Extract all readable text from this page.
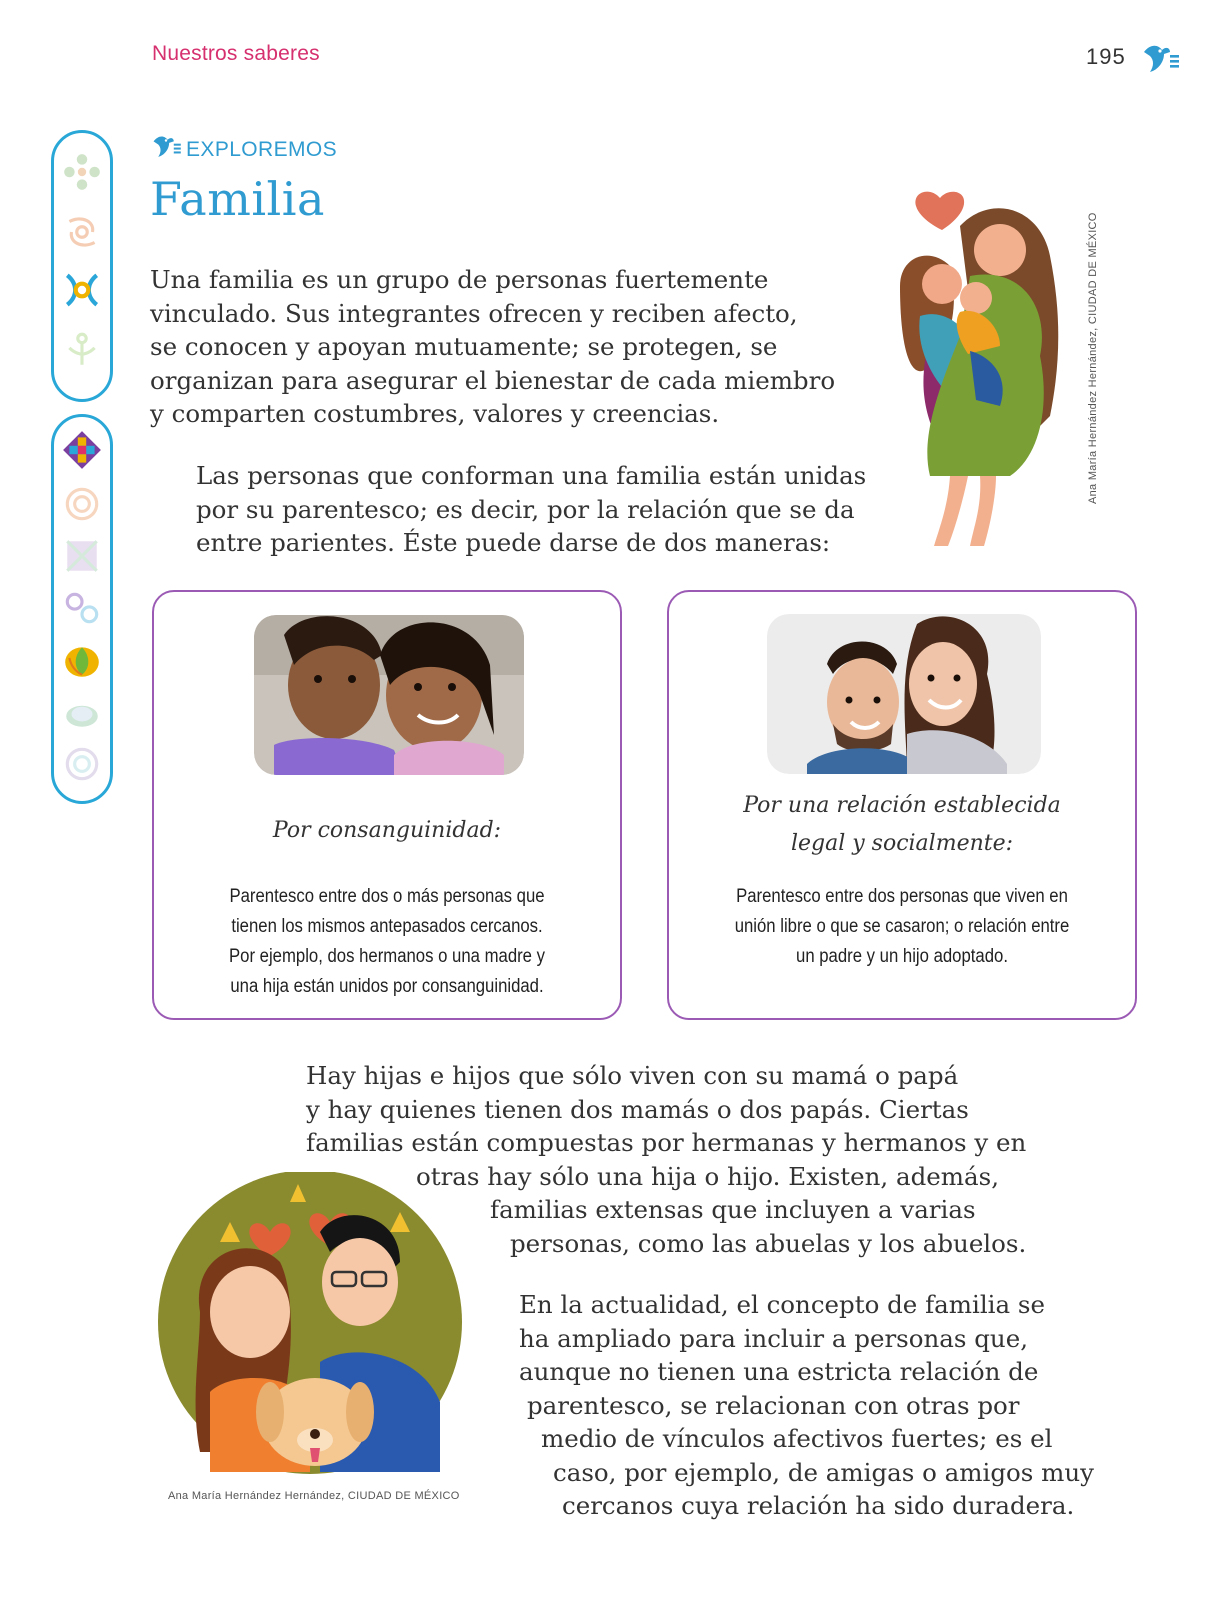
Nuestros saberes	195
EXPLOREMOS
Familia
Una familia es un grupo de personas fuertemente
vinculado. Sus integrantes ofrecen y reciben afecto,
se conocen y apoyan mutuamente; se protegen, se
organizan para asegurar el bienestar de cada miembro
y comparten costumbres, valores y creencias.
Las personas que conforman una familia están unidas
por su parentesco; es decir, por la relación que se da
entre parientes. Éste puede darse de dos maneras:
Ana María Hernández Hernández, CIUDAD DE MÉXICO
Por consanguinidad:
Parentesco entre dos o más personas que
tienen los mismos antepasados cercanos.
Por ejemplo, dos hermanos o una madre y
una hija están unidos por consanguinidad.
Por una relación establecida
legal y socialmente:
Parentesco entre dos personas que viven en
unión libre o que se casaron; o relación entre
un padre y un hijo adoptado.
Hay hijas e hijos que sólo viven con su mamá o papá
y hay quienes tienen dos mamás o dos papás. Ciertas
familias están compuestas por hermanas y hermanos y en
otras hay sólo una hija o hijo. Existen, además,
familias extensas que incluyen a varias
personas, como las abuelas y los abuelos.
Ana María Hernández Hernández, CIUDAD DE MÉXICO
En la actualidad, el concepto de familia se
ha ampliado para incluir a personas que,
aunque no tienen una estricta relación de
parentesco, se relacionan con otras por
medio de vínculos afectivos fuertes; es el
caso, por ejemplo, de amigas o amigos muy
cercanos cuya relación ha sido duradera.
